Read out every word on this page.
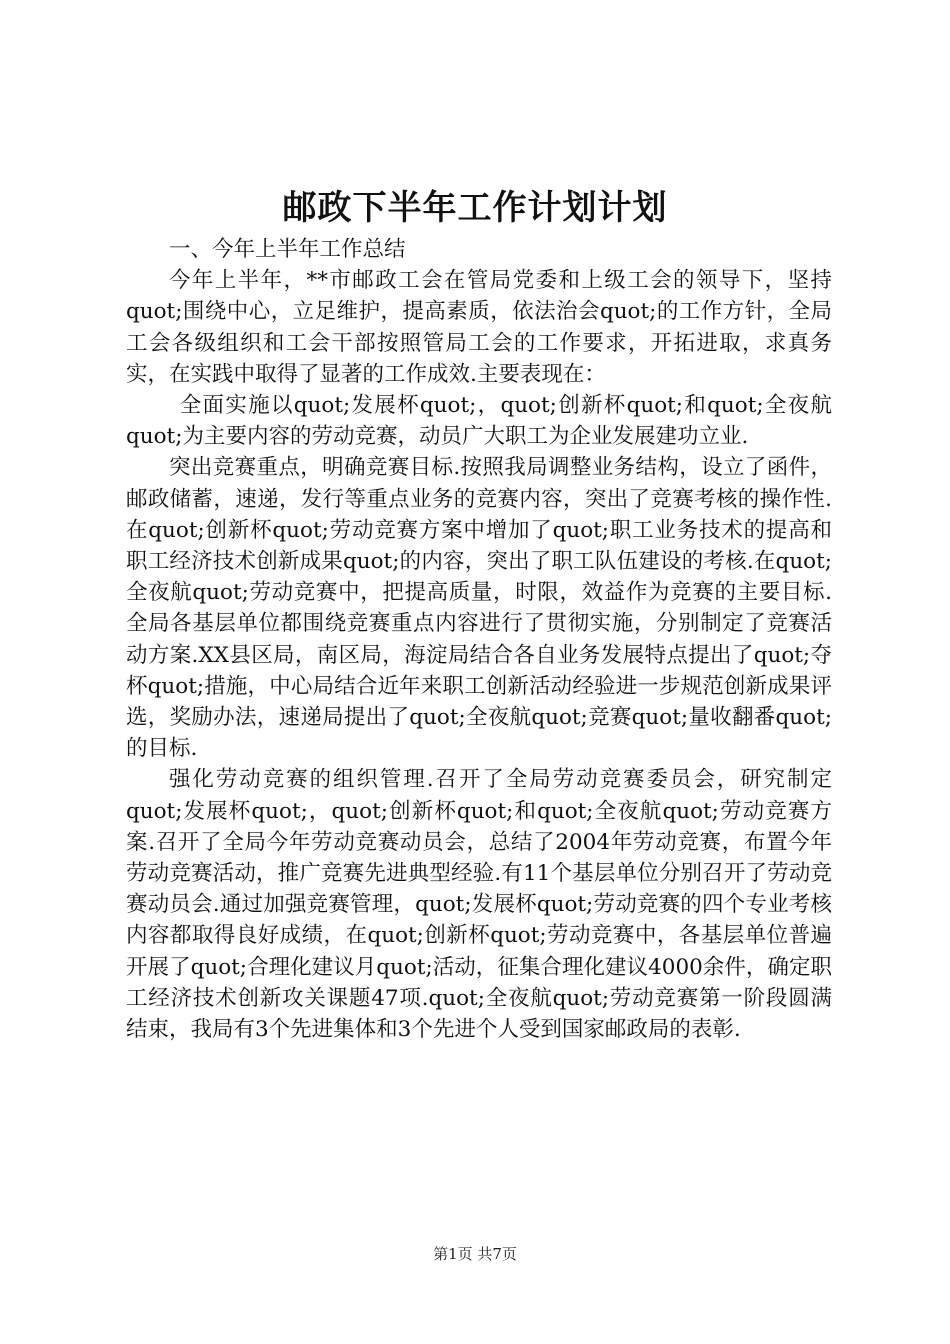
邮政下半年工作计划计划

一、今年上半年工作总结

今年上半年，**市邮政工会在管局党委和上级工会的领导下，坚持quot;围绕中心，立足维护，提高素质，依法治会quot;的工作方针，全局工会各级组织和工会干部按照管局工会的工作要求，开拓进取，求真务实，在实践中取得了显著的工作成效.主要表现在：

全面实施以quot;发展杯quot;，quot;创新杯quot;和quot;全夜航quot;为主要内容的劳动竞赛，动员广大职工为企业发展建功立业.

突出竞赛重点，明确竞赛目标.按照我局调整业务结构，设立了函件，邮政储蓄，速递，发行等重点业务的竞赛内容，突出了竞赛考核的操作性.在quot;创新杯quot;劳动竞赛方案中增加了quot;职工业务技术的提高和职工经济技术创新成果quot;的内容，突出了职工队伍建设的考核.在quot;全夜航quot;劳动竞赛中，把提高质量，时限，效益作为竞赛的主要目标.全局各基层单位都围绕竞赛重点内容进行了贯彻实施，分别制定了竞赛活动方案.XX县区局，南区局，海淀局结合各自业务发展特点提出了quot;夺杯quot;措施，中心局结合近年来职工创新活动经验进一步规范创新成果评选，奖励办法，速递局提出了quot;全夜航quot;竞赛quot;量收翻番quot;的目标.

强化劳动竞赛的组织管理.召开了全局劳动竞赛委员会，研究制定quot;发展杯quot;，quot;创新杯quot;和quot;全夜航quot;劳动竞赛方案.召开了全局今年劳动竞赛动员会，总结了2004年劳动竞赛，布置今年劳动竞赛活动，推广竞赛先进典型经验.有11个基层单位分别召开了劳动竞赛动员会.通过加强竞赛管理，quot;发展杯quot;劳动竞赛的四个专业考核内容都取得良好成绩，在quot;创新杯quot;劳动竞赛中，各基层单位普遍开展了quot;合理化建议月quot;活动，征集合理化建议4000余件，确定职工经济技术创新攻关课题47项.quot;全夜航quot;劳动竞赛第一阶段圆满结束，我局有3个先进集体和3个先进个人受到国家邮政局的表彰.

第1页 共7页
